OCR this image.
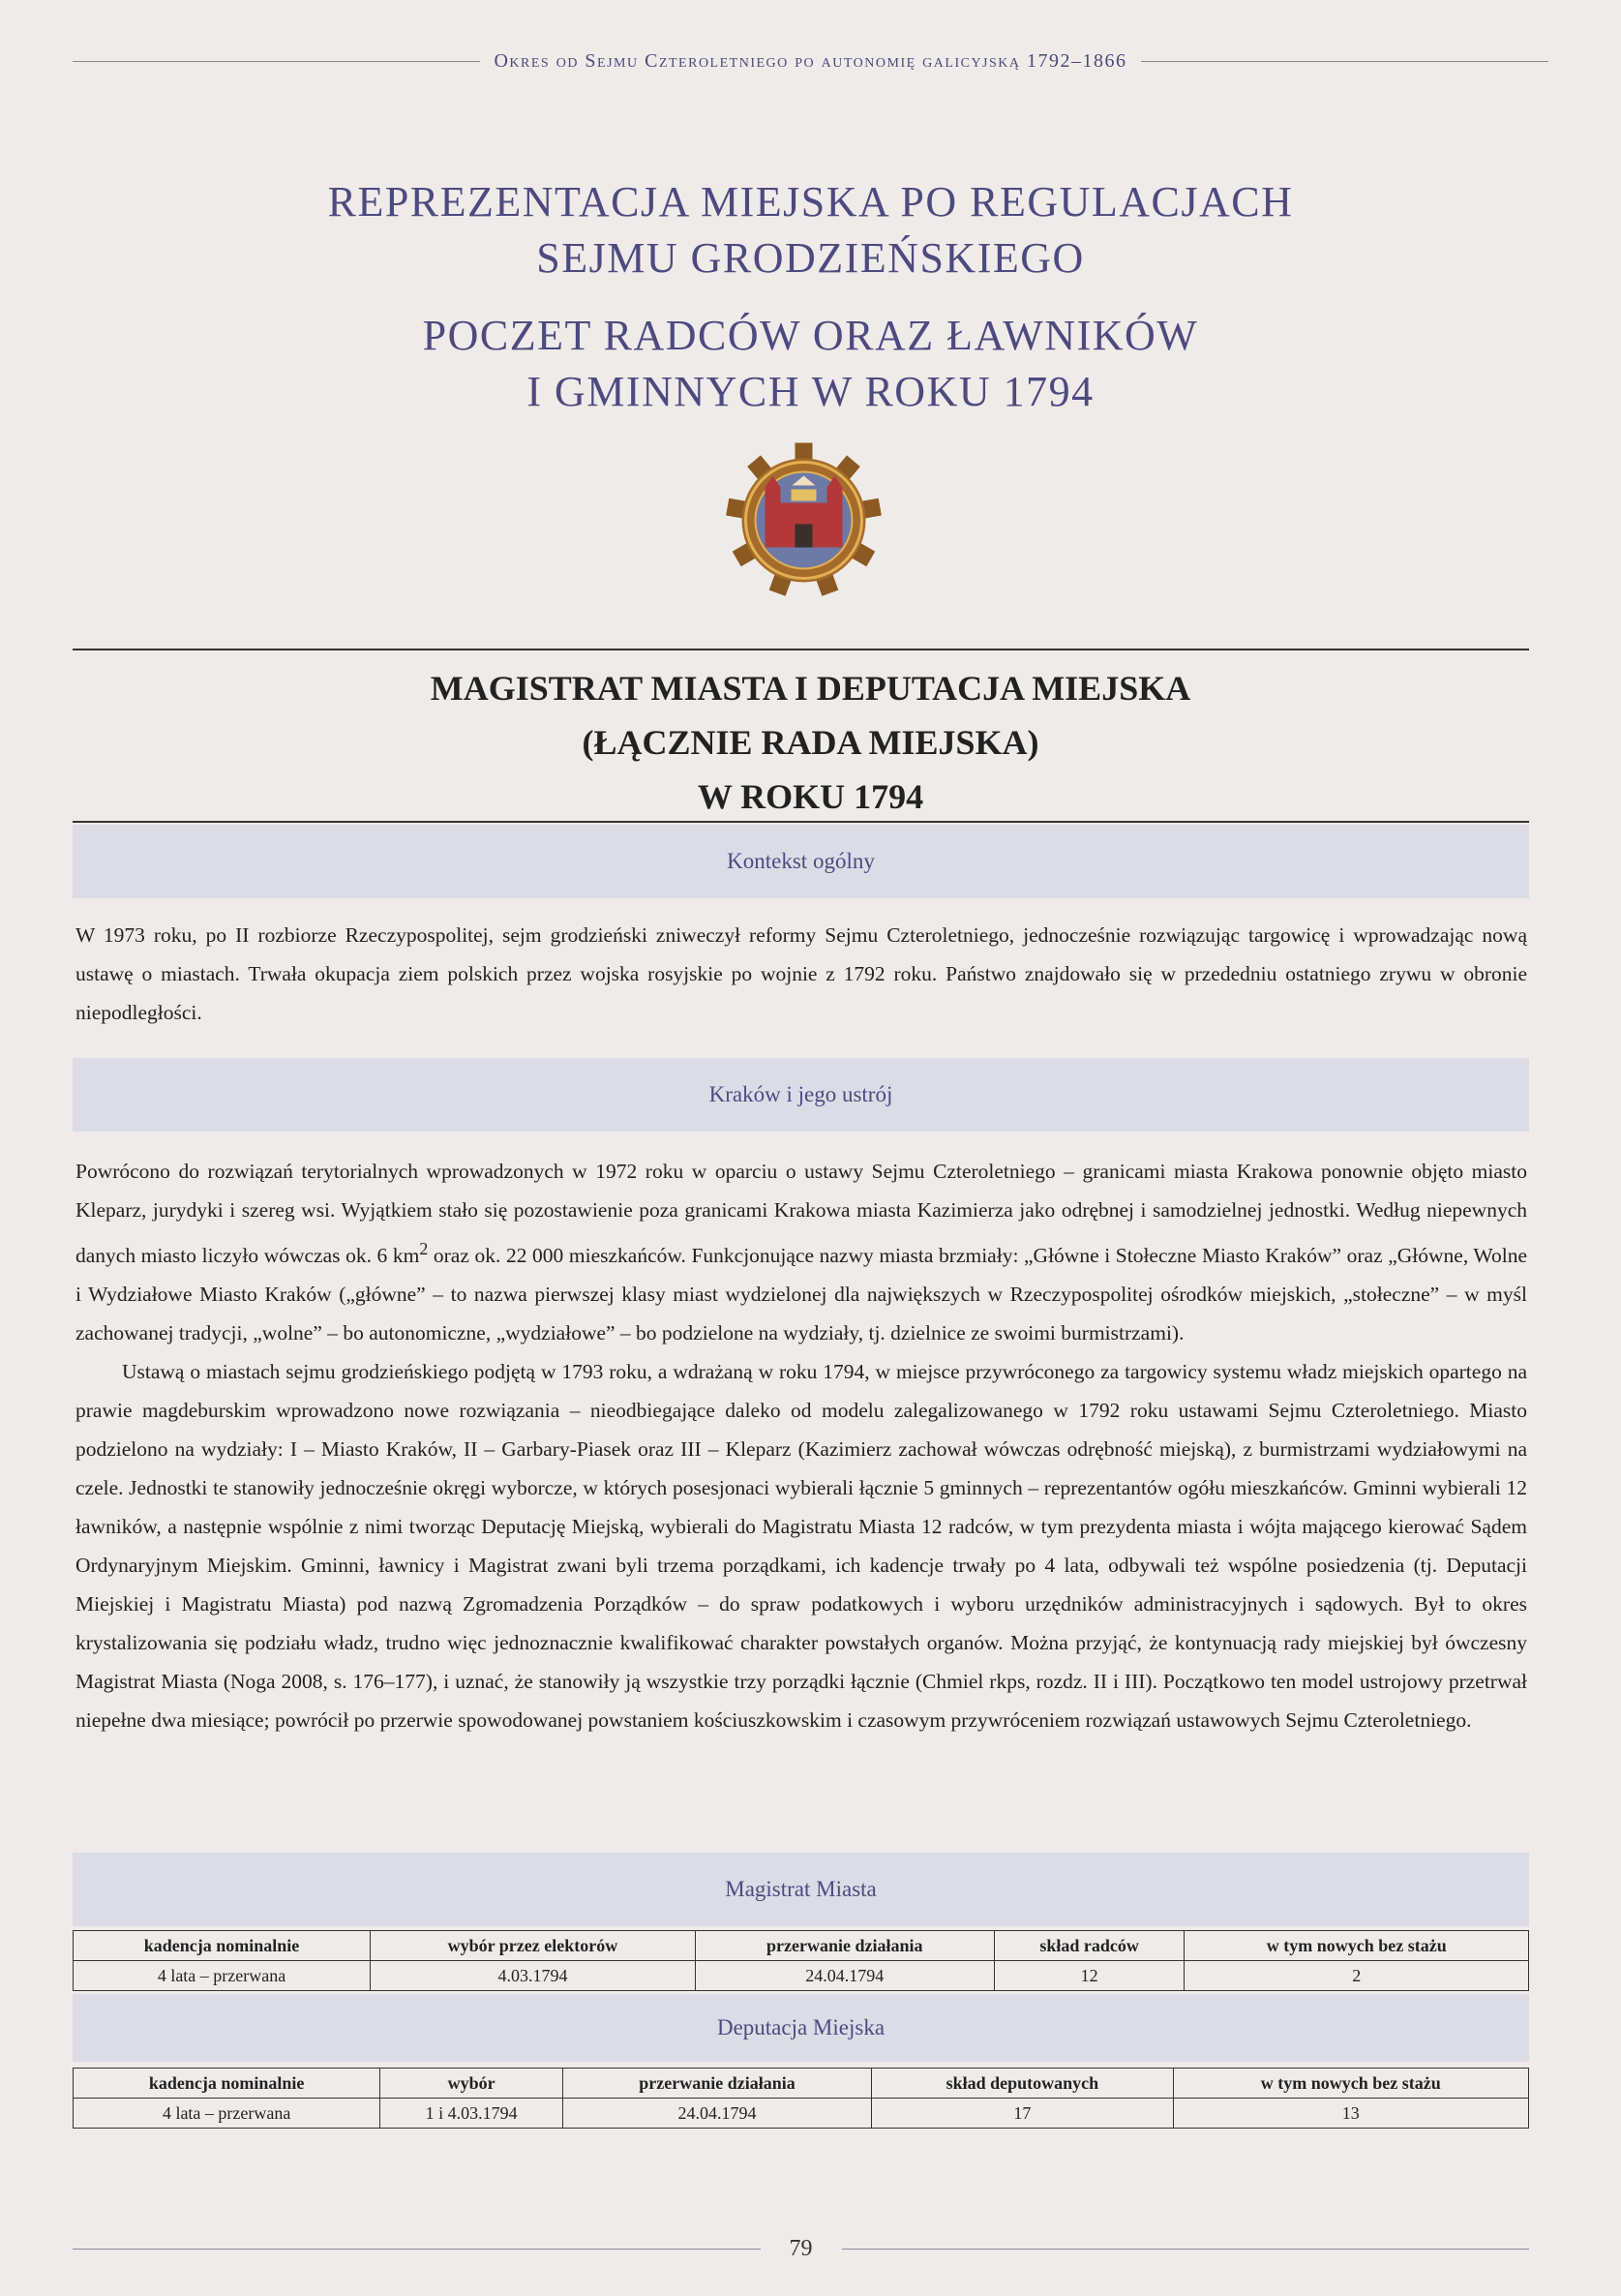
Okres od Sejmu Czteroletniego po autonomię galicyjską 1792–1866
REPREZENTACJA MIEJSKA PO REGULACJACH
SEJMU GRODZIEŃSKIEGO
POCZET RADCÓW ORAZ ŁAWNIKÓW
I GMINNYCH W ROKU 1794
MAGISTRAT MIASTA I DEPUTACJA MIEJSKA
(ŁĄCZNIE RADA MIEJSKA)
W ROKU 1794
Kontekst ogólny

W 1973 roku, po II rozbiorze Rzeczypospolitej, sejm grodzieński zniweczył reformy Sejmu Czteroletniego, jednocześnie rozwiązując targowicę i wprowadzając nową ustawę o miastach. Trwała okupacja ziem polskich przez wojska rosyjskie po wojnie z 1792 roku. Państwo znajdowało się w przededniu ostatniego zrywu w obronie niepodległości.

Kraków i jego ustrój

Powrócono do rozwiązań terytorialnych wprowadzonych w 1972 roku w oparciu o ustawy Sejmu Czteroletniego – granicami miasta Krakowa ponownie objęto miasto Kleparz, jurydyki i szereg wsi. Wyjątkiem stało się pozostawienie poza granicami Krakowa miasta Kazimierza jako odrębnej i samodzielnej jednostki. Według niepewnych danych miasto liczyło wówczas ok. 6 $km^2$ oraz ok. 22 000 mieszkańców. Funkcjonujące nazwy miasta brzmiały: „Główne i Stołeczne Miasto Kraków” oraz „Główne, Wolne i Wydziałowe Miasto Kraków („główne” – to nazwa pierwszej klasy miast wydzielonej dla największych w Rzeczypospolitej ośrodków miejskich, „stołeczne” – w myśl zachowanej tradycji, „wolne” – bo autonomiczne, „wydziałowe” – bo podzielone na wydziały, tj. dzielnice ze swoimi burmistrzami).

Ustawą o miastach sejmu grodzieńskiego podjętą w 1793 roku, a wdrażaną w roku 1794, w miejsce przywróconego za targowicy systemu władz miejskich opartego na prawie magdeburskim wprowadzono nowe rozwiązania – nieodbiegające daleko od modelu zalegalizowanego w 1792 roku ustawami Sejmu Czteroletniego. Miasto podzielono na wydziały: I – Miasto Kraków, II – Garbary-Piasek oraz III – Kleparz (Kazimierz zachował wówczas odrębność miejską), z burmistrzami wydziałowymi na czele. Jednostki te stanowiły jednocześnie okręgi wyborcze, w których posesjonaci wybierali łącznie 5 gminnych – reprezentantów ogółu mieszkańców. Gminni wybierali 12 ławników, a następnie wspólnie z nimi tworząc Deputację Miejską, wybierali do Magistratu Miasta 12 radców, w tym prezydenta miasta i wójta mającego kierować Sądem Ordynaryjnym Miejskim. Gminni, ławnicy i Magistrat zwani byli trzema porządkami, ich kadencje trwały po 4 lata, odbywali też wspólne posiedzenia (tj. Deputacji Miejskiej i Magistratu Miasta) pod nazwą Zgromadzenia Porządków – do spraw podatkowych i wyboru urzędników administracyjnych i sądowych. Był to okres krystalizowania się podziału władz, trudno więc jednoznacznie kwalifikować charakter powstałych organów. Można przyjąć, że kontynuacją rady miejskiej był ówczesny Magistrat Miasta (Noga 2008, s. 176–177), i uznać, że stanowiły ją wszystkie trzy porządki łącznie (Chmiel rkps, rozdz. II i III). Początkowo ten model ustrojowy przetrwał niepełne dwa miesiące; powrócił po przerwie spowodowanej powstaniem kościuszkowskim i czasowym przywróceniem rozwiązań ustawowych Sejmu Czteroletniego.

Magistrat Miasta
kadencja nominalnie	wybór przez elektorów	przerwanie działania	skład radców	w tym nowych bez stażu
4 lata – przerwana	4.03.1794	24.04.1794	12	2
Deputacja Miejska
kadencja nominalnie	wybór	przerwanie działania	skład deputowanych	w tym nowych bez stażu
4 lata – przerwana	1 i 4.03.1794	24.04.1794	17	13
79
